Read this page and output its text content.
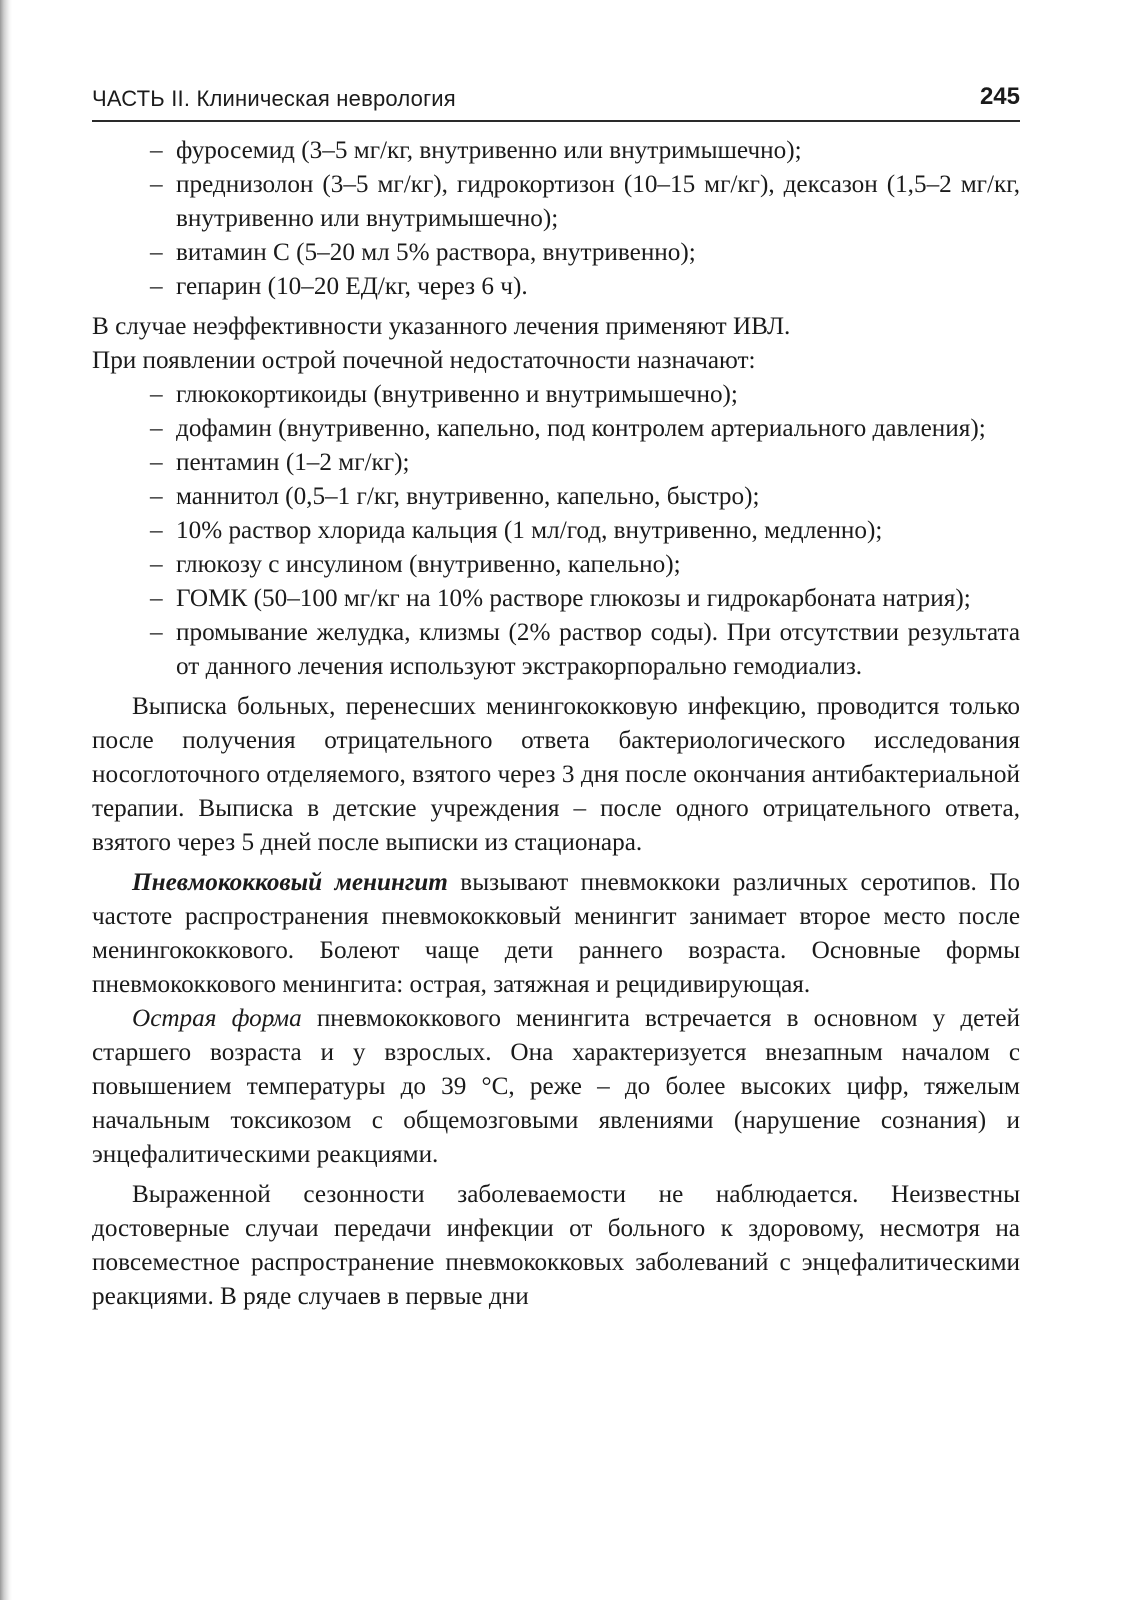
ЧАСТЬ II. Клиническая неврология	245
– фуросемид (3–5 мг/кг, внутривенно или внутримышечно);
– преднизолон (3–5 мг/кг), гидрокортизон (10–15 мг/кг), дексазон (1,5–2 мг/кг, внутривенно или внутримышечно);
– витамин С (5–20 мл 5% раствора, внутривенно);
– гепарин (10–20 ЕД/кг, через 6 ч).

В случае неэффективности указанного лечения применяют ИВЛ.

При появлении острой почечной недостаточности назначают:

– глюкокортикоиды (внутривенно и внутримышечно);
– дофамин (внутривенно, капельно, под контролем артериального давления);
– пентамин (1–2 мг/кг);
– маннитол (0,5–1 г/кг, внутривенно, капельно, быстро);
– 10% раствор хлорида кальция (1 мл/год, внутривенно, медленно);
– глюкозу с инсулином (внутривенно, капельно);
– ГОМК (50–100 мг/кг на 10% растворе глюкозы и гидрокарбоната натрия);
– промывание желудка, клизмы (2% раствор соды). При отсутствии результата от данного лечения используют экстракорпорально гемодиализ.

Выписка больных, перенесших менингококковую инфекцию, проводится только после получения отрицательного ответа бактериологического исследования носоглоточного отделяемого, взятого через 3 дня после окончания антибактериальной терапии. Выписка в детские учреждения – после одного отрицательного ответа, взятого через 5 дней после выписки из стационара.

Пневмококковый менингит вызывают пневмоккоки различных серотипов. По частоте распространения пневмококковый менингит занимает второе место после менингококкового. Болеют чаще дети раннего возраста. Основные формы пневмококкового менингита: острая, затяжная и рецидивирующая.

Острая форма пневмококкового менингита встречается в основном у детей старшего возраста и у взрослых. Она характеризуется внезапным началом с повышением температуры до 39 °С, реже – до более высоких цифр, тяжелым начальным токсикозом с общемозговыми явлениями (нарушение сознания) и энцефалитическими реакциями.

Выраженной сезонности заболеваемости не наблюдается. Неизвестны достоверные случаи передачи инфекции от больного к здоровому, несмотря на повсеместное распространение пневмококковых заболеваний с энцефалитическими реакциями. В ряде случаев в первые дни
